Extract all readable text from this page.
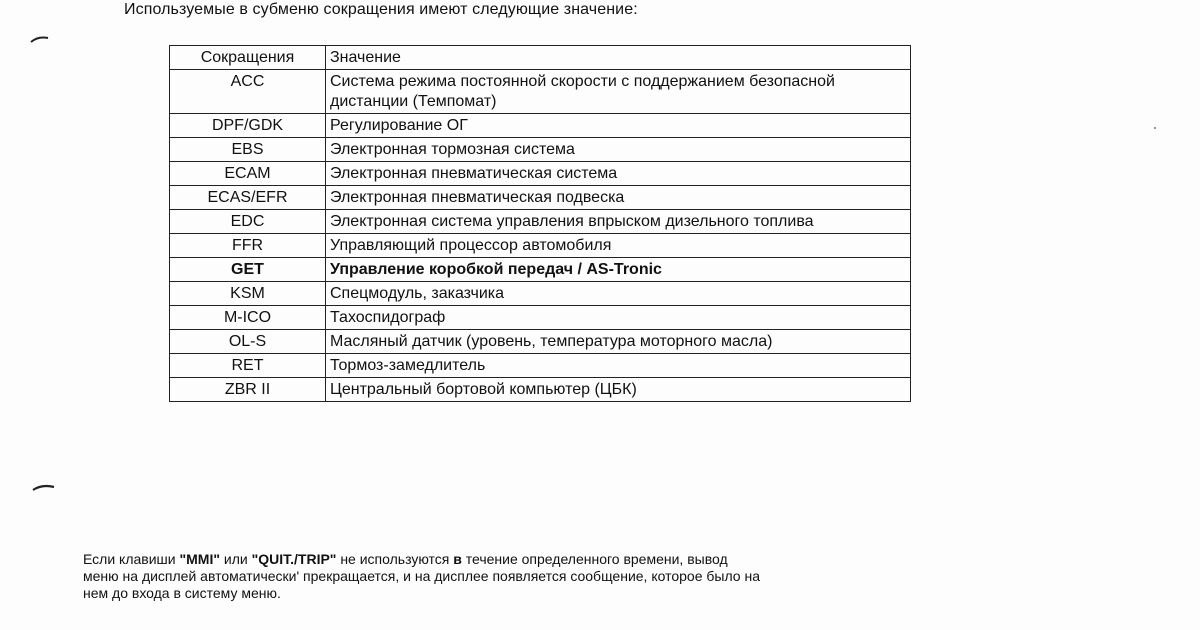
Используемые в субменю сокращения имеют следующие значение:
Сокращения	Значение
ACC	Система режима постоянной скорости с поддержанием безопасной дистанции (Темпомат)
DPF/GDK	Регулирование ОГ
EBS	Электронная тормозная система
ECAM	Электронная пневматическая система
ECAS/EFR	Электронная пневматическая подвеска
EDC	Электронная система управления впрыском дизельного топлива
FFR	Управляющий процессор автомобиля
GET	Управление коробкой передач / AS-Tronic
KSM	Спецмодуль, заказчика
M-ICO	Тахоспидограф
OL-S	Масляный датчик (уровень, температура моторного масла)
RET	Тормоз-замедлитель
ZBR II	Центральный бортовой компьютер (ЦБК)
Если клавиши "MMI" или "QUIT./TRIP" не используются в течение определенного времени, вывод
меню на дисплей автоматически' прекращается, и на дисплее появляется сообщение, которое было на
нем до входа в систему меню.
